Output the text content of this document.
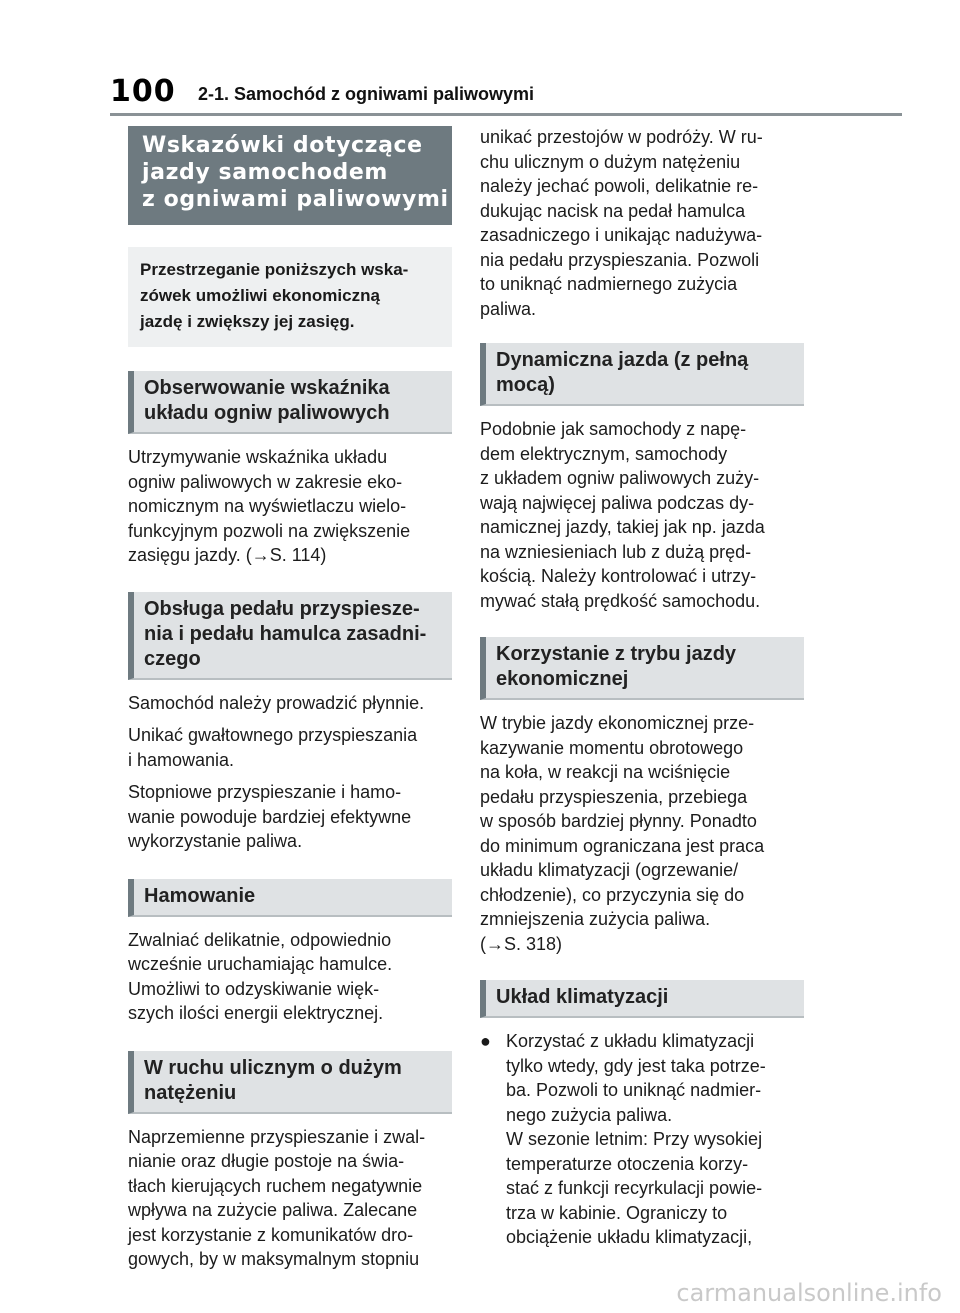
100 2-1. Samochód z ogniwami paliwowymi
Wskazówki dotyczące
jazdy samochodem
z ogniwami paliwowymi
Przestrzeganie poniższych wska-
zówek umożliwi ekonomiczną
jazdę i zwiększy jej zasięg.
Obserwowanie wskaźnika
układu ogniw paliwowych

Utrzymywanie wskaźnika układu
ogniw paliwowych w zakresie eko-
nomicznym na wyświetlaczu wielo-
funkcyjnym pozwoli na zwiększenie
zasięgu jazdy. (→S. 114)

Obsługa pedału przyspiesze-
nia i pedału hamulca zasadni-
czego

Samochód należy prowadzić płynnie.

Unikać gwałtownego przyspieszania
i hamowania.

Stopniowe przyspieszanie i hamo-
wanie powoduje bardziej efektywne
wykorzystanie paliwa.

Hamowanie

Zwalniać delikatnie, odpowiednio
wcześnie uruchamiając hamulce.
Umożliwi to odzyskiwanie więk-
szych ilości energii elektrycznej.

W ruchu ulicznym o dużym
natężeniu

Naprzemienne przyspieszanie i zwal-
nianie oraz długie postoje na świa-
tłach kierujących ruchem negatywnie
wpływa na zużycie paliwa. Zalecane
jest korzystanie z komunikatów dro-
gowych, by w maksymalnym stopniu

unikać przestojów w podróży. W ru-
chu ulicznym o dużym natężeniu
należy jechać powoli, delikatnie re-
dukując nacisk na pedał hamulca
zasadniczego i unikając nadużywa-
nia pedału przyspieszania. Pozwoli
to uniknąć nadmiernego zużycia
paliwa.

Dynamiczna jazda (z pełną
mocą)

Podobnie jak samochody z napę-
dem elektrycznym, samochody
z układem ogniw paliwowych zuży-
wają najwięcej paliwa podczas dy-
namicznej jazdy, takiej jak np. jazda
na wzniesieniach lub z dużą pręd-
kością. Należy kontrolować i utrzy-
mywać stałą prędkość samochodu.

Korzystanie z trybu jazdy
ekonomicznej

W trybie jazdy ekonomicznej prze-
kazywanie momentu obrotowego
na koła, w reakcji na wciśnięcie
pedału przyspieszenia, przebiega
w sposób bardziej płynny. Ponadto
do minimum ograniczana jest praca
układu klimatyzacji (ogrzewanie/
chłodzenie), co przyczynia się do
zmniejszenia zużycia paliwa.
(→S. 318)

Układ klimatyzacji
● Korzystać z układu klimatyzacji
tylko wtedy, gdy jest taka potrze-
ba. Pozwoli to uniknąć nadmier-
nego zużycia paliwa.
W sezonie letnim: Przy wysokiej
temperaturze otoczenia korzy-
stać z funkcji recyrkulacji powie-
trza w kabinie. Ograniczy to
obciążenie układu klimatyzacji,

carmanualsonline.info
